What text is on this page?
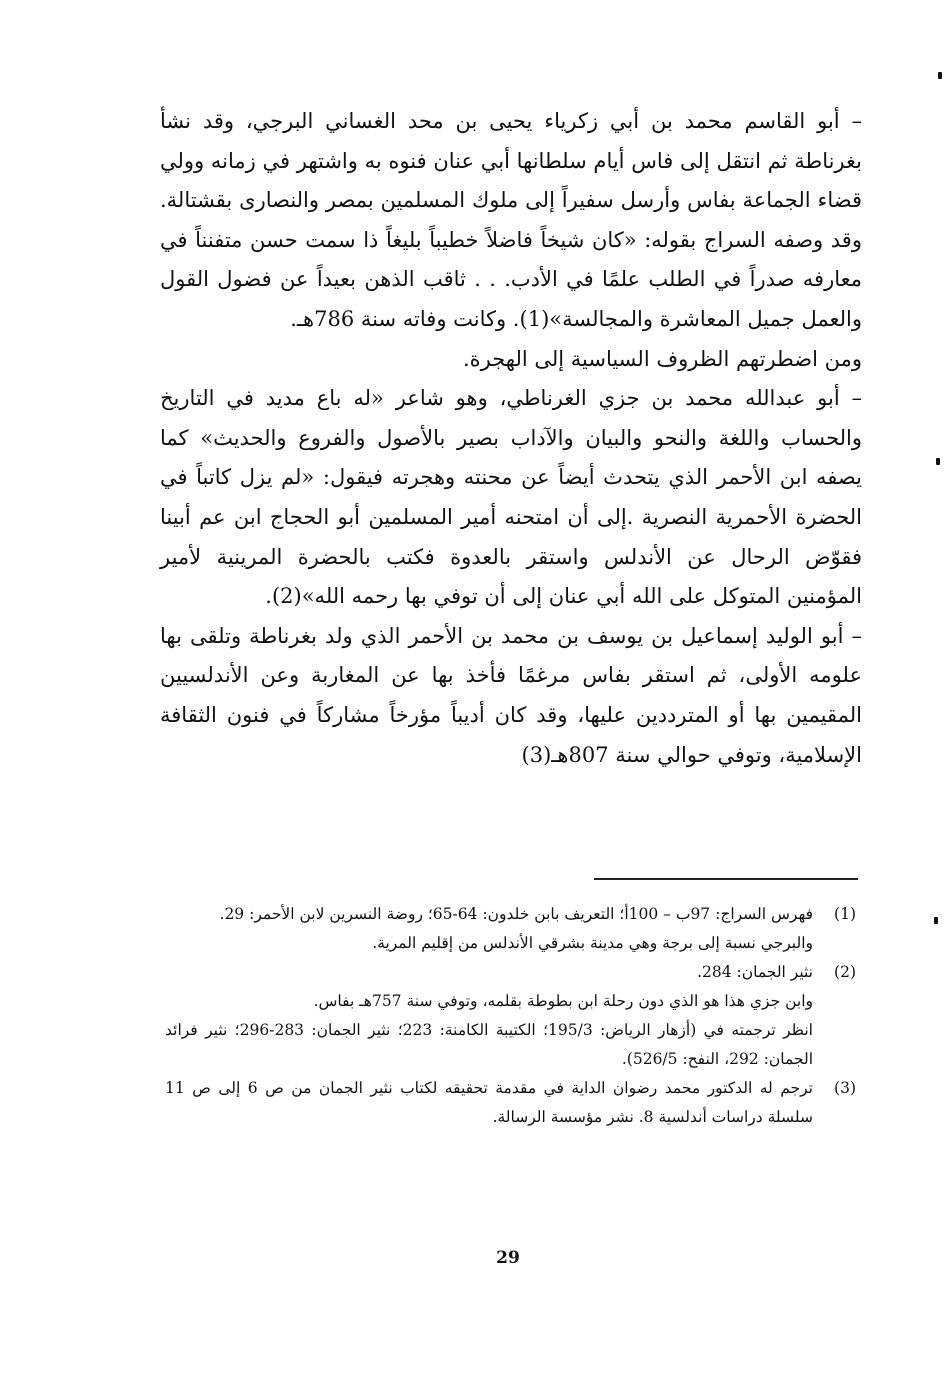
– أبو القاسم محمد بن أبي زكرياء يحيى بن محد الغساني البرجي، وقد نشأ بغرناطة ثم انتقل إلى فاس أيام سلطانها أبي عنان فنوه به واشتهر في زمانه وولي قضاء الجماعة بفاس وأرسل سفيراً إلى ملوك المسلمين بمصر والنصارى بقشتالة. وقد وصفه السراج بقوله: «كان شيخاً فاضلاً خطيباً بليغاً ذا سمت حسن متفنناً في معارفه صدراً في الطلب علمًا في الأدب. . . ثاقب الذهن بعيداً عن فضول القول والعمل جميل المعاشرة والمجالسة»(1). وكانت وفاته سنة 786هـ.

ومن اضطرتهم الظروف السياسية إلى الهجرة.

– أبو عبدالله محمد بن جزي الغرناطي، وهو شاعر «له باع مديد في التاريخ والحساب واللغة والنحو والبيان والآداب بصير بالأصول والفروع والحديث» كما يصفه ابن الأحمر الذي يتحدث أيضاً عن محنته وهجرته فيقول: «لم يزل كاتباً في الحضرة الأحمرية النصرية .إلى أن امتحنه أمير المسلمين أبو الحجاج ابن عم أبينا فقوّض الرحال عن الأندلس واستقر بالعدوة فكتب بالحضرة المرينية لأمير المؤمنين المتوكل على الله أبي عنان إلى أن توفي بها رحمه الله»(2).

– أبو الوليد إسماعيل بن يوسف بن محمد بن الأحمر الذي ولد بغرناطة وتلقى بها علومه الأولى، ثم استقر بفاس مرغمًا فأخذ بها عن المغاربة وعن الأندلسيين المقيمين بها أو المترددين عليها، وقد كان أديباً مؤرخاً مشاركاً في فنون الثقافة الإسلامية، وتوفي حوالي سنة 807هـ(3)

(1)

فهرس السراج: 97ب – 100أ؛ التعريف بابن خلدون: 64-65؛ روضة النسرين لابن الأحمر: 29.

والبرجي نسبة إلى برجة وهي مدينة بشرقي الأندلس من إقليم المرية.

(2)

نثير الجمان: 284.

وابن جزي هذا هو الذي دون رحلة ابن بطوطة بقلمه، وتوفي سنة 757هـ بفاس.

انظر ترجمته في (أزهار الرياض: 195/3؛ الكتيبة الكامنة: 223؛ نثير الجمان: 283-296؛ نثير فرائد الجمان: 292، النفح: 526/5).

(3)

ترجم له الدكتور محمد رضوان الداية في مقدمة تحقيقه لكتاب نثير الجمان من ص 6 إلى ص 11 سلسلة دراسات أندلسية 8. نشر مؤسسة الرسالة.

29
